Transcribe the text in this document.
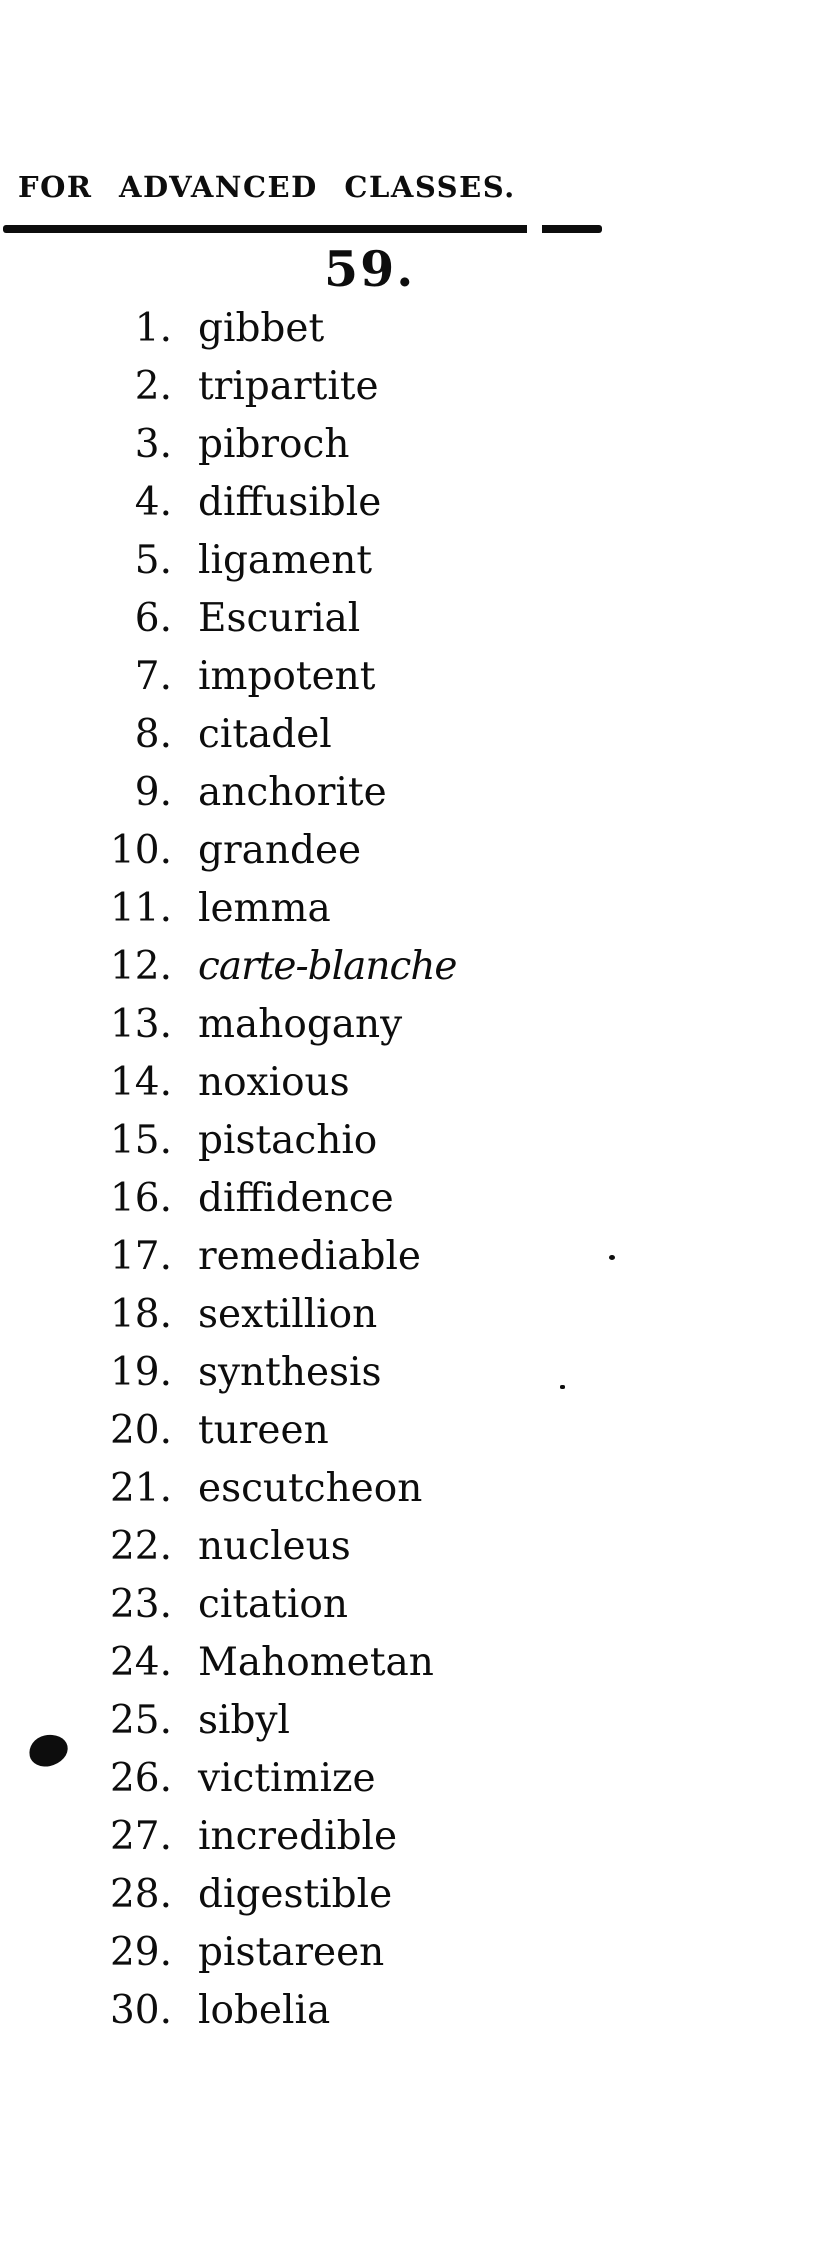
FOR ADVANCED CLASSES.
59.
1. gibbet
2. tripartite
3. pibroch
4. diffusible
5. ligament
6. Escurial
7. impotent
8. citadel
9. anchorite
10. grandee
11. lemma
12. carte-blanche
13. mahogany
14. noxious
15. pistachio
16. diffidence
17. remediable
18. sextillion
19. synthesis
20. tureen
21. escutcheon
22. nucleus
23. citation
24. Mahometan
25. sibyl
26. victimize
27. incredible
28. digestible
29. pistareen
30. lobelia
